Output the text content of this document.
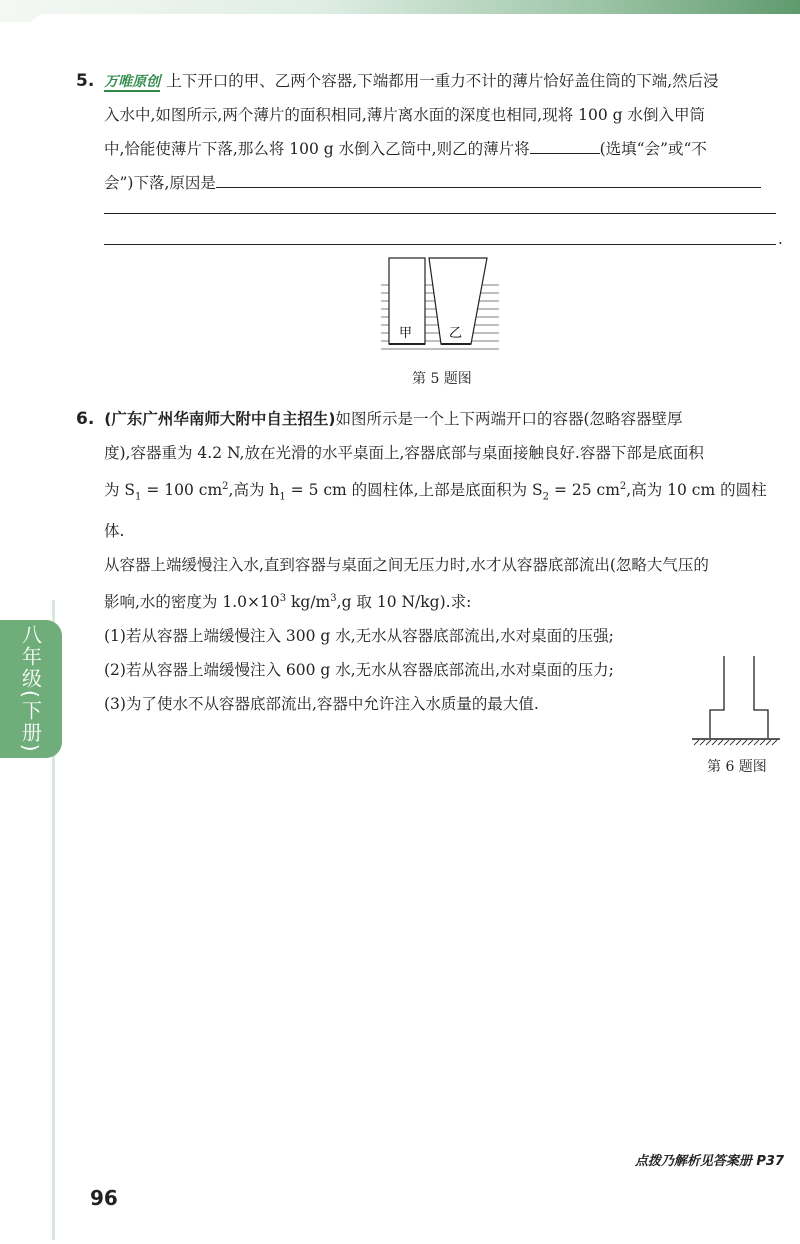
八年级(下册)
5. 万唯原创 上下开口的甲、乙两个容器,下端都用一重力不计的薄片恰好盖住筒的下端,然后浸
入水中,如图所示,两个薄片的面积相同,薄片离水面的深度也相同,现将 100 g 水倒入甲筒
中,恰能使薄片下落,那么将 100 g 水倒入乙筒中,则乙的薄片将	(选填“会”或“不
会”)下落,原因是
.
甲	乙
第 5 题图
6. (广东广州华南师大附中自主招生)如图所示是一个上下两端开口的容器(忽略容器壁厚
度),容器重为 4.2 N,放在光滑的水平桌面上,容器底部与桌面接触良好.容器下部是底面积
为 $S_1 = 100$ $cm^2$,高为 $h_1 = 5$ cm 的圆柱体,上部是底面积为 $S_2 = 25$ $cm^2$,高为 10 cm 的圆柱体.
从容器上端缓慢注入水,直到容器与桌面之间无压力时,水才从容器底部流出(忽略大气压的
影响,水的密度为 $1.0\times 10^3$ $kg/m^3,g$ 取 10 N/kg).求:
(1)若从容器上端缓慢注入 300 g 水,无水从容器底部流出,水对桌面的压强;
(2)若从容器上端缓慢注入 600 g 水,无水从容器底部流出,水对桌面的压力;
(3)为了使水不从容器底部流出,容器中允许注入水质量的最大值.
第 6 题图
点拨乃解析见答案册 P37
96
